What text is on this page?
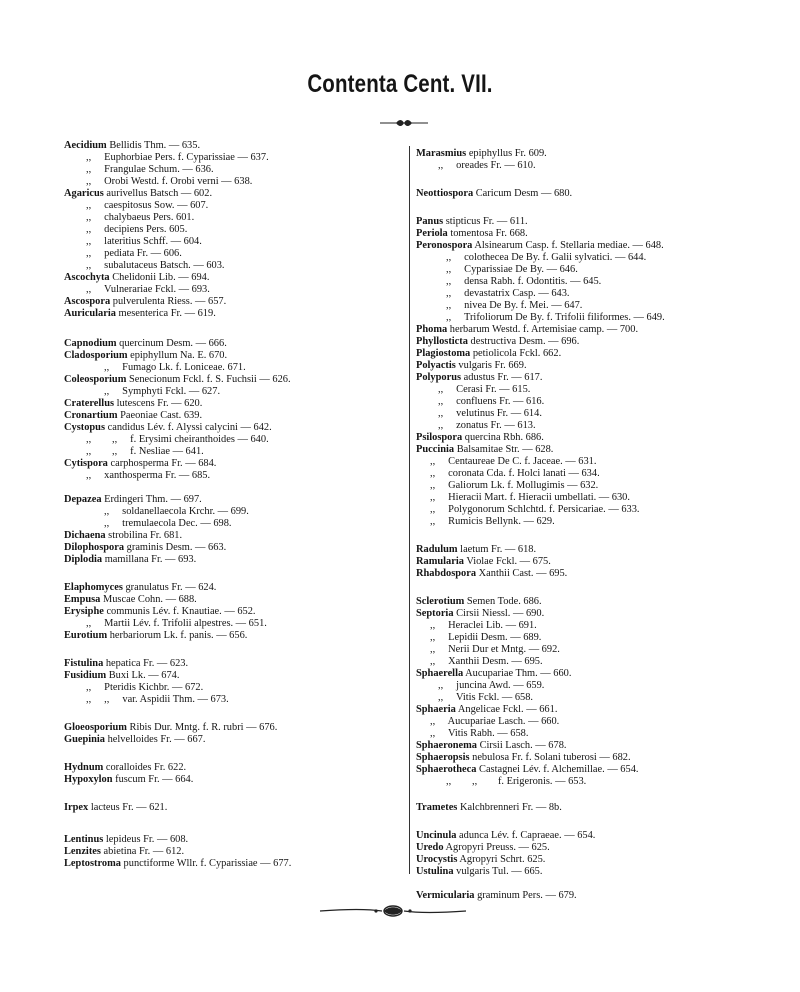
Contenta Cent. VII.
Aecidium Bellidis Thm. — 635.
,,     Euphorbiae Pers. f. Cyparissiae — 637.
,,     Frangulae Schum. — 636.
,,     Orobi Westd. f. Orobi verni — 638.
Agaricus aurivellus Batsch — 602.
,,     caespitosus Sow. — 607.
,,     chalybaeus Pers. 601.
,,     decipiens Pers. 605.
,,     lateritius Schff. — 604.
,,     pediata Fr. — 606.
,,     subalutaceus Batsch. — 603.
Ascochyta Chelidonii Lib. — 694.
,,     Vulnerariae Fckl. — 693.
Ascospora pulverulenta Riess. — 657.
Auricularia mesenterica Fr. — 619.
Capnodium quercinum Desm. — 666.
Cladosporium epiphyllum Na. E. 670.
,,     Fumago Lk. f. Loniceae. 671.
Coleosporium Senecionum Fckl. f. S. Fuchsii — 626.
,,     Symphyti Fckl. — 627.
Craterellus lutescens Fr. — 620.
Cronartium Paeoniae Cast. 639.
Cystopus candidus Lév. f. Alyssi calycini — 642.
,,        ,,     f. Erysimi cheiranthoides — 640.
,,        ,,     f. Nesliae — 641.
Cytispora carphosperma Fr. — 684.
,,     xanthosperma Fr. — 685.
Depazea Erdingeri Thm. — 697.
,,     soldanellaecola Krchr. — 699.
,,     tremulaecola Dec. — 698.
Dichaena strobilina Fr. 681.
Dilophospora graminis Desm. — 663.
Diplodia mamillana Fr. — 693.
Elaphomyces granulatus Fr. — 624.
Empusa Muscae Cohn. — 688.
Erysiphe communis Lév. f. Knautiae. — 652.
,,     Martii Lév. f. Trifolii alpestres. — 651.
Eurotium herbariorum Lk. f. panis. — 656.
Fistulina hepatica Fr. — 623.
Fusidium Buxi Lk. — 674.
,,     Pteridis Kichbr. — 672.
,,     ,,     var. Aspidii Thm. — 673.
Gloeosporium Ribis Dur. Mntg. f. R. rubri — 676.
Guepinia helvelloides Fr. — 667.
Hydnum coralloides Fr. 622.
Hypoxylon fuscum Fr. — 664.
Irpex lacteus Fr. — 621.
Lentinus lepideus Fr. — 608.
Lenzites abietina Fr. — 612.
Leptostroma punctiforme Wllr. f. Cyparissiae — 677.
Marasmius epiphyllus Fr. 609.
,,     oreades Fr. — 610.
Neottiospora Caricum Desm — 680.
Panus stipticus Fr. — 611.
Periola tomentosa Fr. 668.
Peronospora Alsinearum Casp. f. Stellaria mediae. — 648.
,,     colothecea De By. f. Galii sylvatici. — 644.
,,     Cyparissiae De By. — 646.
,,     densa Rabh. f. Odontitis. — 645.
,,     devastatrix Casp. — 643.
,,     nivea De By. f. Mei. — 647.
,,     Trifoliorum De By. f. Trifolii filiformes. — 649.
Phoma herbarum Westd. f. Artemisiae camp. — 700.
Phyllosticta destructiva Desm. — 696.
Plagiostoma petiolicola Fckl. 662.
Polyactis vulgaris Fr. 669.
Polyporus adustus Fr. — 617.
,,     Cerasi Fr. — 615.
,,     confluens Fr. — 616.
,,     velutinus Fr. — 614.
,,     zonatus Fr. — 613.
Psilospora quercina Rbh. 686.
Puccinia Balsamitae Str. — 628.
,,     Centaureae De C. f. Jaceae. — 631.
,,     coronata Cda. f. Holci lanati — 634.
,,     Galiorum Lk. f. Mollugimis — 632.
,,     Hieracii Mart. f. Hieracii umbellati. — 630.
,,     Polygonorum Schlchtd. f. Persicariae. — 633.
,,     Rumicis Bellynk. — 629.
Radulum laetum Fr. — 618.
Ramularia Violae Fckl. — 675.
Rhabdospora Xanthii Cast. — 695.
Sclerotium Semen Tode. 686.
Septoria Cirsii Niessl. — 690.
,,     Heraclei Lib. — 691.
,,     Lepidii Desm. — 689.
,,     Nerii Dur et Mntg. — 692.
,,     Xanthii Desm. — 695.
Sphaerella Aucupariae Thm. — 660.
,,     juncina Awd. — 659.
,,     Vitis Fckl. — 658.
Sphaeria Angelicae Fckl. — 661.
,,     Aucupariae Lasch. — 660.
,,     Vitis Rabh. — 658.
Sphaeronema Cirsii Lasch. — 678.
Sphaeropsis nebulosa Fr. f. Solani tuberosi — 682.
Sphaerotheca Castagnei Lév. f. Alchemillae. — 654.
,,        ,,        f. Erigeronis. — 653.
Trametes Kalchbrenneri Fr. — 8b.
Uncinula adunca Lév. f. Capraeae. — 654.
Uredo Agropyri Preuss. — 625.
Urocystis Agropyri Schrt. 625.
Ustulina vulgaris Tul. — 665.
Vermicularia graminum Pers. — 679.
